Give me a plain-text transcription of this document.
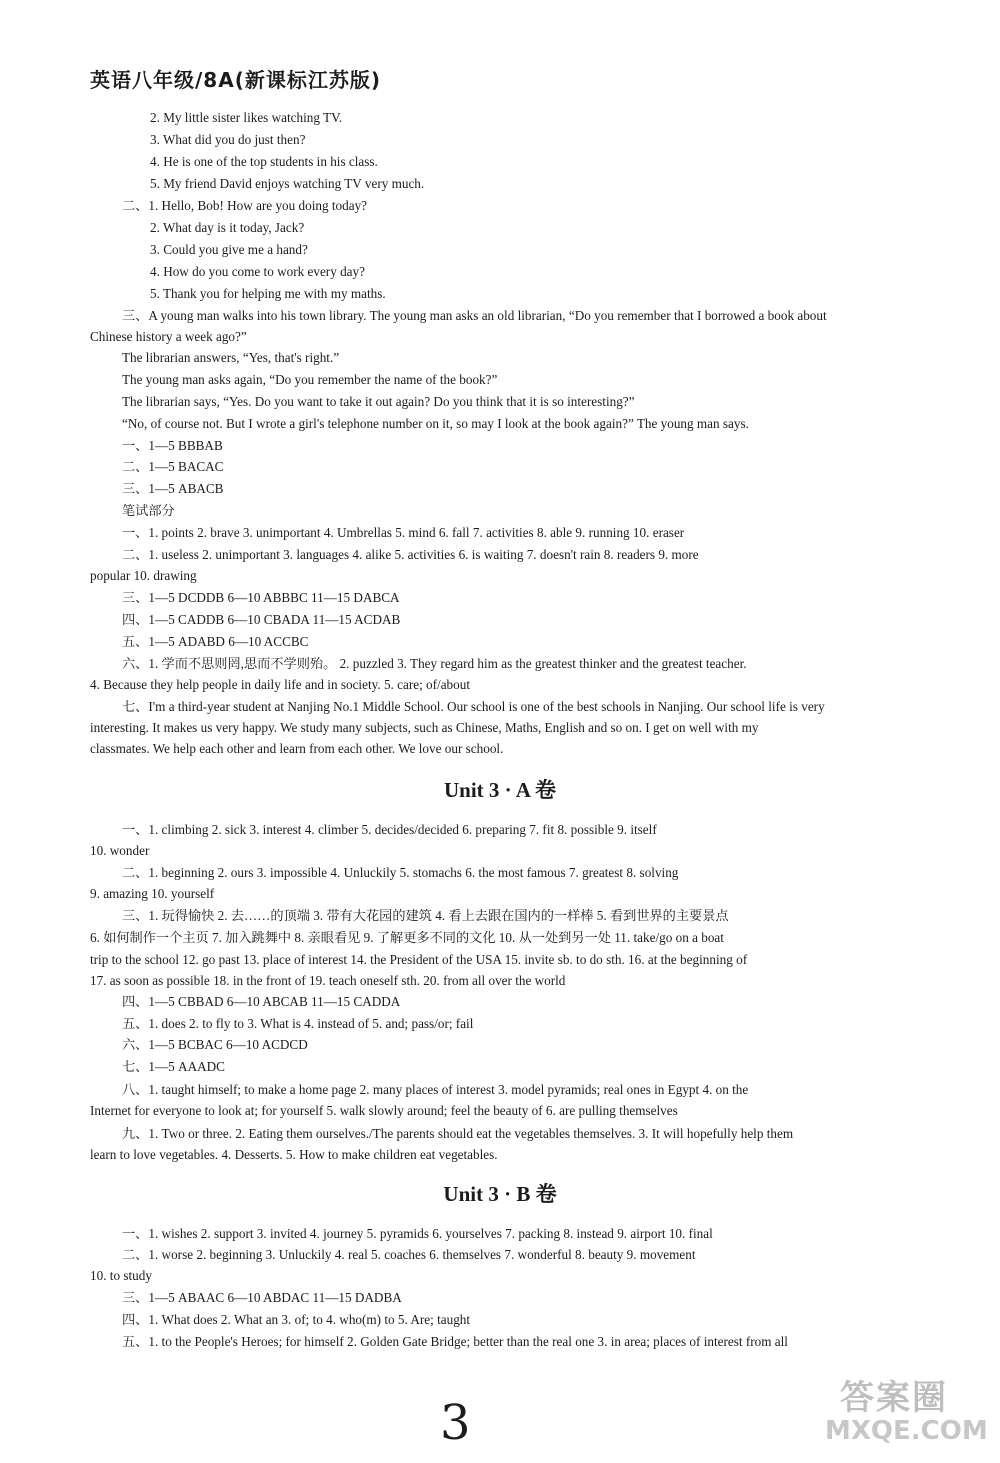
英语八年级/8A(新课标江苏版)
2. My little sister likes watching TV.
3. What did you do just then?
4. He is one of the top students in his class.
5. My friend David enjoys watching TV very much.
二、1. Hello, Bob! How are you doing today?
2. What day is it today, Jack?
3. Could you give me a hand?
4. How do you come to work every day?
5. Thank you for helping me with my maths.
三、A young man walks into his town library. The young man asks an old librarian, “Do you remember that I borrowed a book about
Chinese history a week ago?”
The librarian answers, “Yes, that's right.”
The young man asks again, “Do you remember the name of the book?”
The librarian says, “Yes. Do you want to take it out again? Do you think that it is so interesting?”
“No, of course not. But I wrote a girl's telephone number on it, so may I look at the book again?” The young man says.
一、1—5 BBBAB
二、1—5 BACAC
三、1—5 ABACB
笔试部分
一、1. points 2. brave 3. unimportant 4. Umbrellas 5. mind 6. fall 7. activities 8. able 9. running 10. eraser
二、1. useless 2. unimportant 3. languages 4. alike 5. activities 6. is waiting 7. doesn't rain 8. readers 9. more
popular 10. drawing
三、1—5 DCDDB 6—10 ABBBC 11—15 DABCA
四、1—5 CADDB 6—10 CBADA 11—15 ACDAB
五、1—5 ADABD 6—10 ACCBC
六、1. 学而不思则罔,思而不学则殆。 2. puzzled 3. They regard him as the greatest thinker and the greatest teacher.
4. Because they help people in daily life and in society. 5. care; of/about
七、I'm a third-year student at Nanjing No.1 Middle School. Our school is one of the best schools in Nanjing. Our school life is very
interesting. It makes us very happy. We study many subjects, such as Chinese, Maths, English and so on. I get on well with my
classmates. We help each other and learn from each other. We love our school.
Unit 3 · A 卷
一、1. climbing 2. sick 3. interest 4. climber 5. decides/decided 6. preparing 7. fit 8. possible 9. itself
10. wonder
二、1. beginning 2. ours 3. impossible 4. Unluckily 5. stomachs 6. the most famous 7. greatest 8. solving
9. amazing 10. yourself
三、1. 玩得愉快 2. 去……的顶端 3. 带有大花园的建筑 4. 看上去跟在国内的一样棒 5. 看到世界的主要景点
6. 如何制作一个主页 7. 加入跳舞中 8. 亲眼看见 9. 了解更多不同的文化 10. 从一处到另一处 11. take/go on a boat
trip to the school 12. go past 13. place of interest 14. the President of the USA 15. invite sb. to do sth. 16. at the beginning of
17. as soon as possible 18. in the front of 19. teach oneself sth. 20. from all over the world
四、1—5 CBBAD 6—10 ABCAB 11—15 CADDA
五、1. does 2. to fly to 3. What is 4. instead of 5. and; pass/or; fail
六、1—5 BCBAC 6—10 ACDCD
七、1—5 AAADC
八、1. taught himself; to make a home page 2. many places of interest 3. model pyramids; real ones in Egypt 4. on the
Internet for everyone to look at; for yourself 5. walk slowly around; feel the beauty of 6. are pulling themselves
九、1. Two or three. 2. Eating them ourselves./The parents should eat the vegetables themselves. 3. It will hopefully help them
learn to love vegetables. 4. Desserts. 5. How to make children eat vegetables.
Unit 3 · B 卷
一、1. wishes 2. support 3. invited 4. journey 5. pyramids 6. yourselves 7. packing 8. instead 9. airport 10. final
二、1. worse 2. beginning 3. Unluckily 4. real 5. coaches 6. themselves 7. wonderful 8. beauty 9. movement
10. to study
三、1—5 ABAAC 6—10 ABDAC 11—15 DADBA
四、1. What does 2. What an 3. of; to 4. who(m) to 5. Are; taught
五、1. to the People's Heroes; for himself 2. Golden Gate Bridge; better than the real one 3. in area; places of interest from all
3	答案圈
MXQE.COM
